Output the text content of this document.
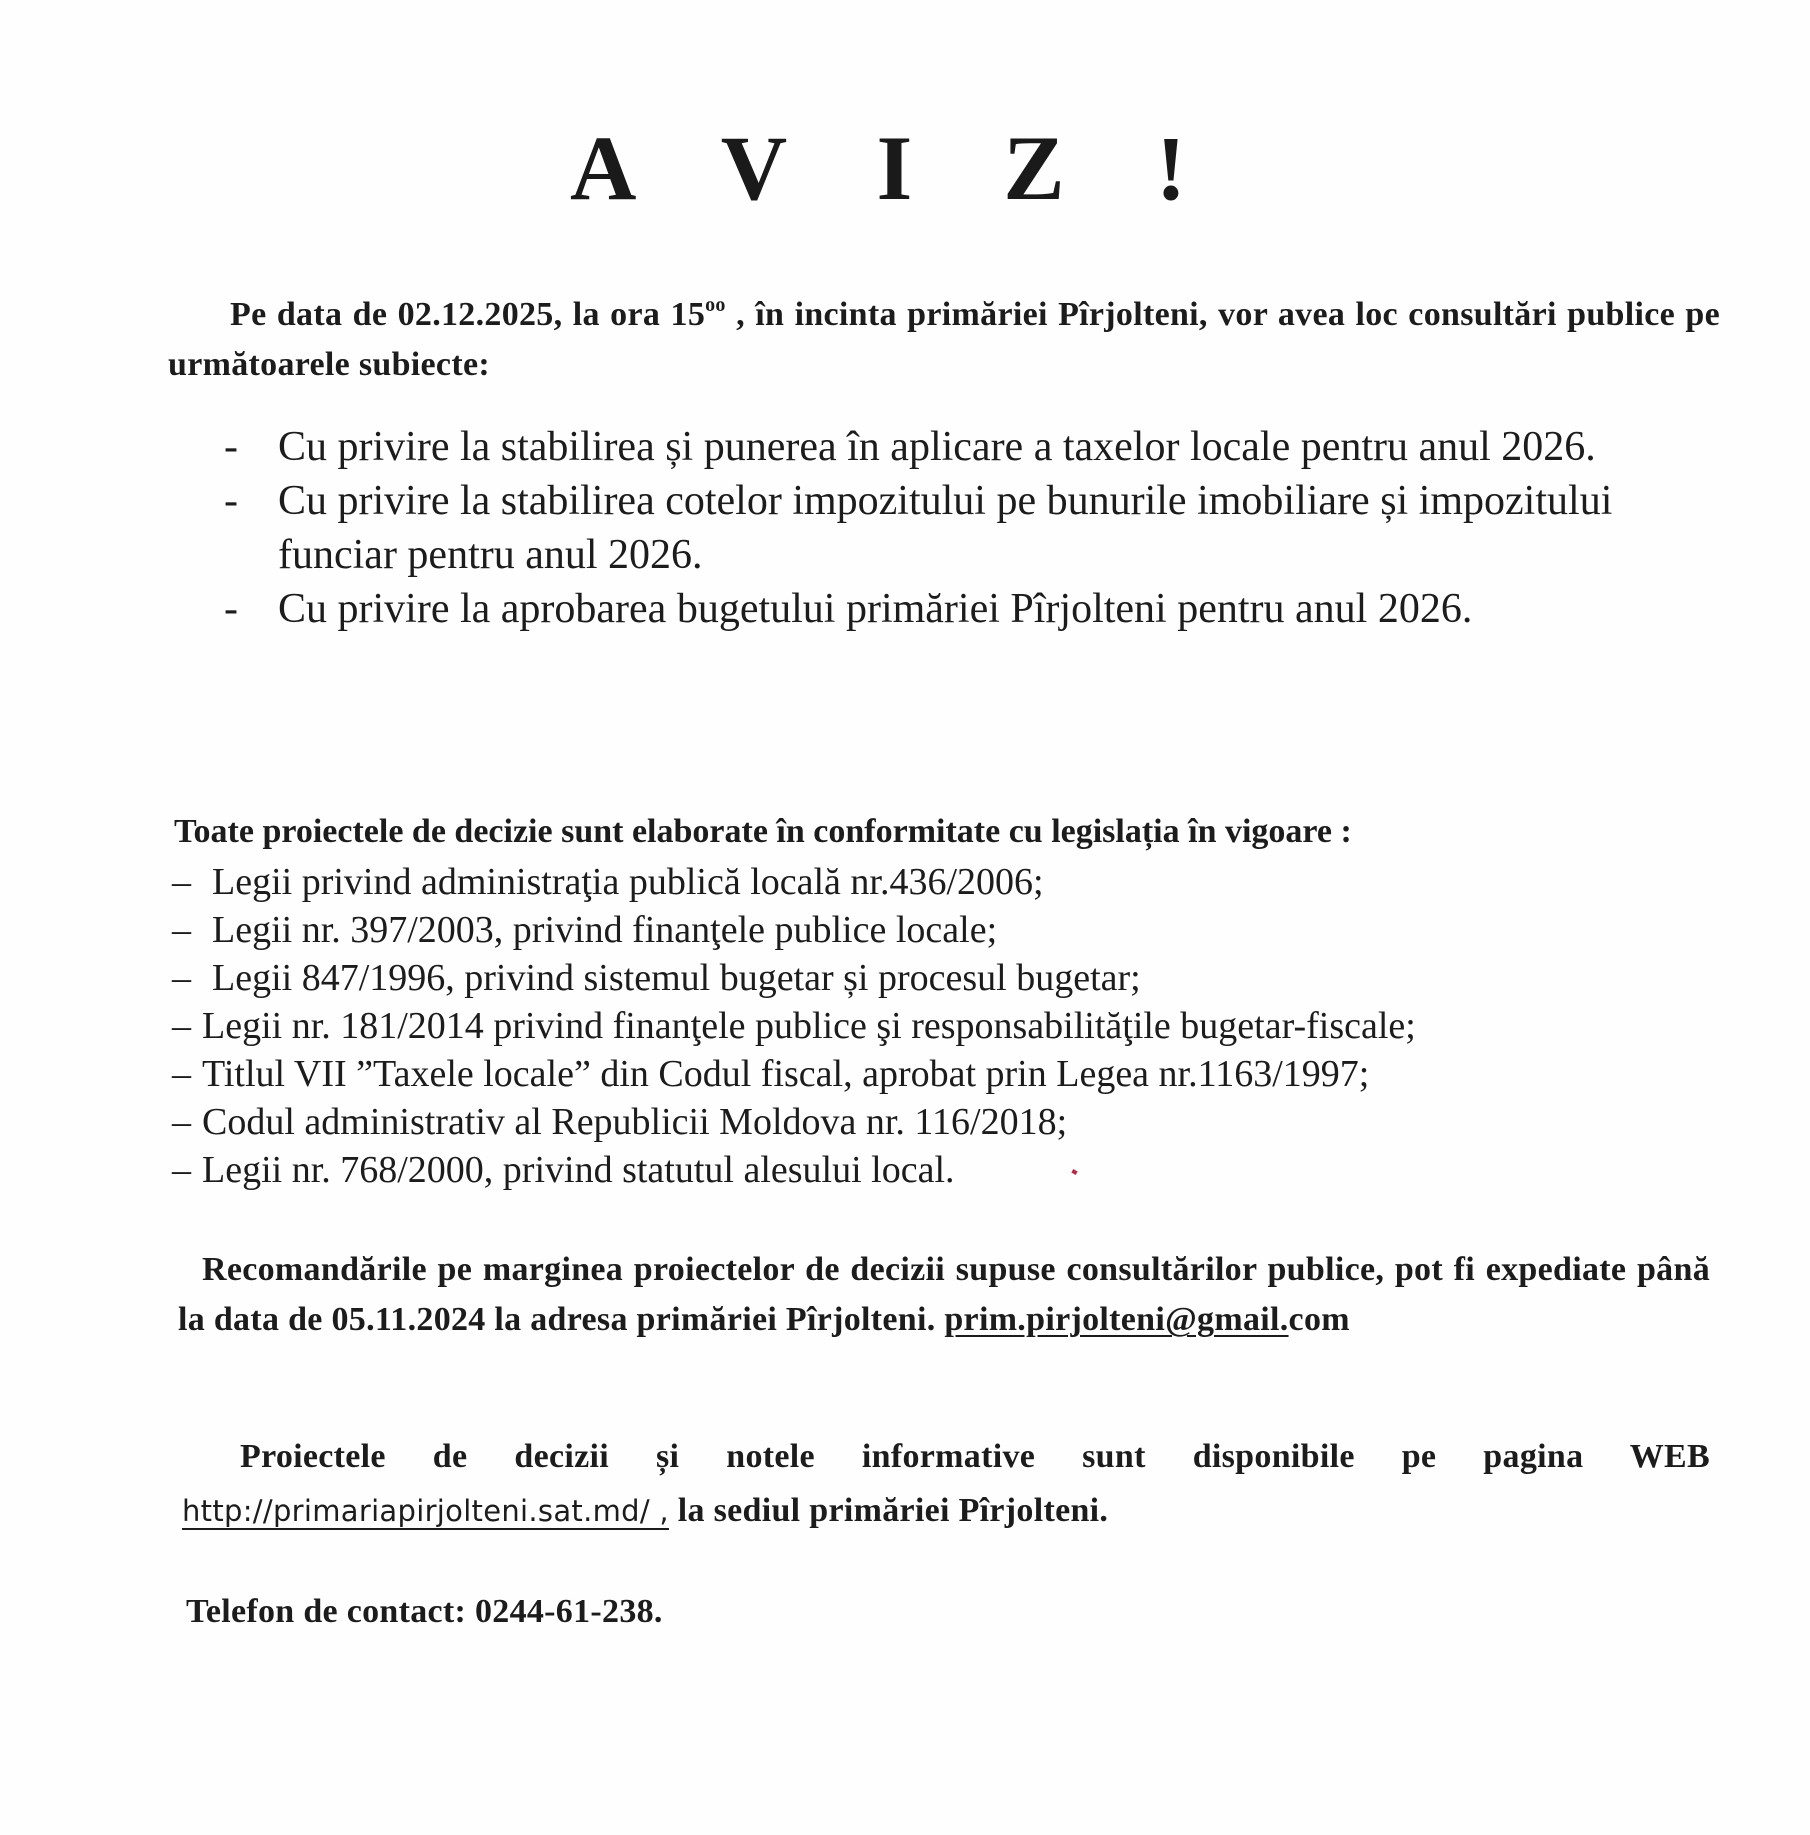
A V I Z !

Pe data de 02.12.2025, la ora $15^{oo}$ , în incinta primăriei Pîrjolteni, vor avea loc consultări publice pe următoarele subiecte:

- Cu privire la stabilirea și punerea în aplicare a taxelor locale pentru anul 2026.
- Cu privire la stabilirea cotelor impozitului pe bunurile imobiliare și impozitului funciar pentru anul 2026.
- Cu privire la aprobarea bugetului primăriei Pîrjolteni pentru anul 2026.
Toate proiectele de decizie sunt elaborate în conformitate cu legislația în vigoare :
– Legii privind administraţia publică locală nr.436/2006;
– Legii nr. 397/2003, privind finanţele publice locale;
– Legii 847/1996, privind sistemul bugetar și procesul bugetar;
– Legii nr. 181/2014 privind finanţele publice şi responsabilităţile bugetar-fiscale;
– Titlul VII ”Taxele locale” din Codul fiscal, aprobat prin Legea nr.1163/1997;
– Codul administrativ al Republicii Moldova nr. 116/2018;
– Legii nr. 768/2000, privind statutul alesului local.

Recomandările pe marginea proiectelor de decizii supuse consultărilor publice, pot fi expediate până la data de 05.11.2024 la adresa primăriei Pîrjolteni. prim.pirjolteni@gmail.com

Proiectele de decizii și notele informative sunt disponibile pe pagina WEB http://primariapirjolteni.sat.md/ , la sediul primăriei Pîrjolteni.

Telefon de contact: 0244-61-238.
